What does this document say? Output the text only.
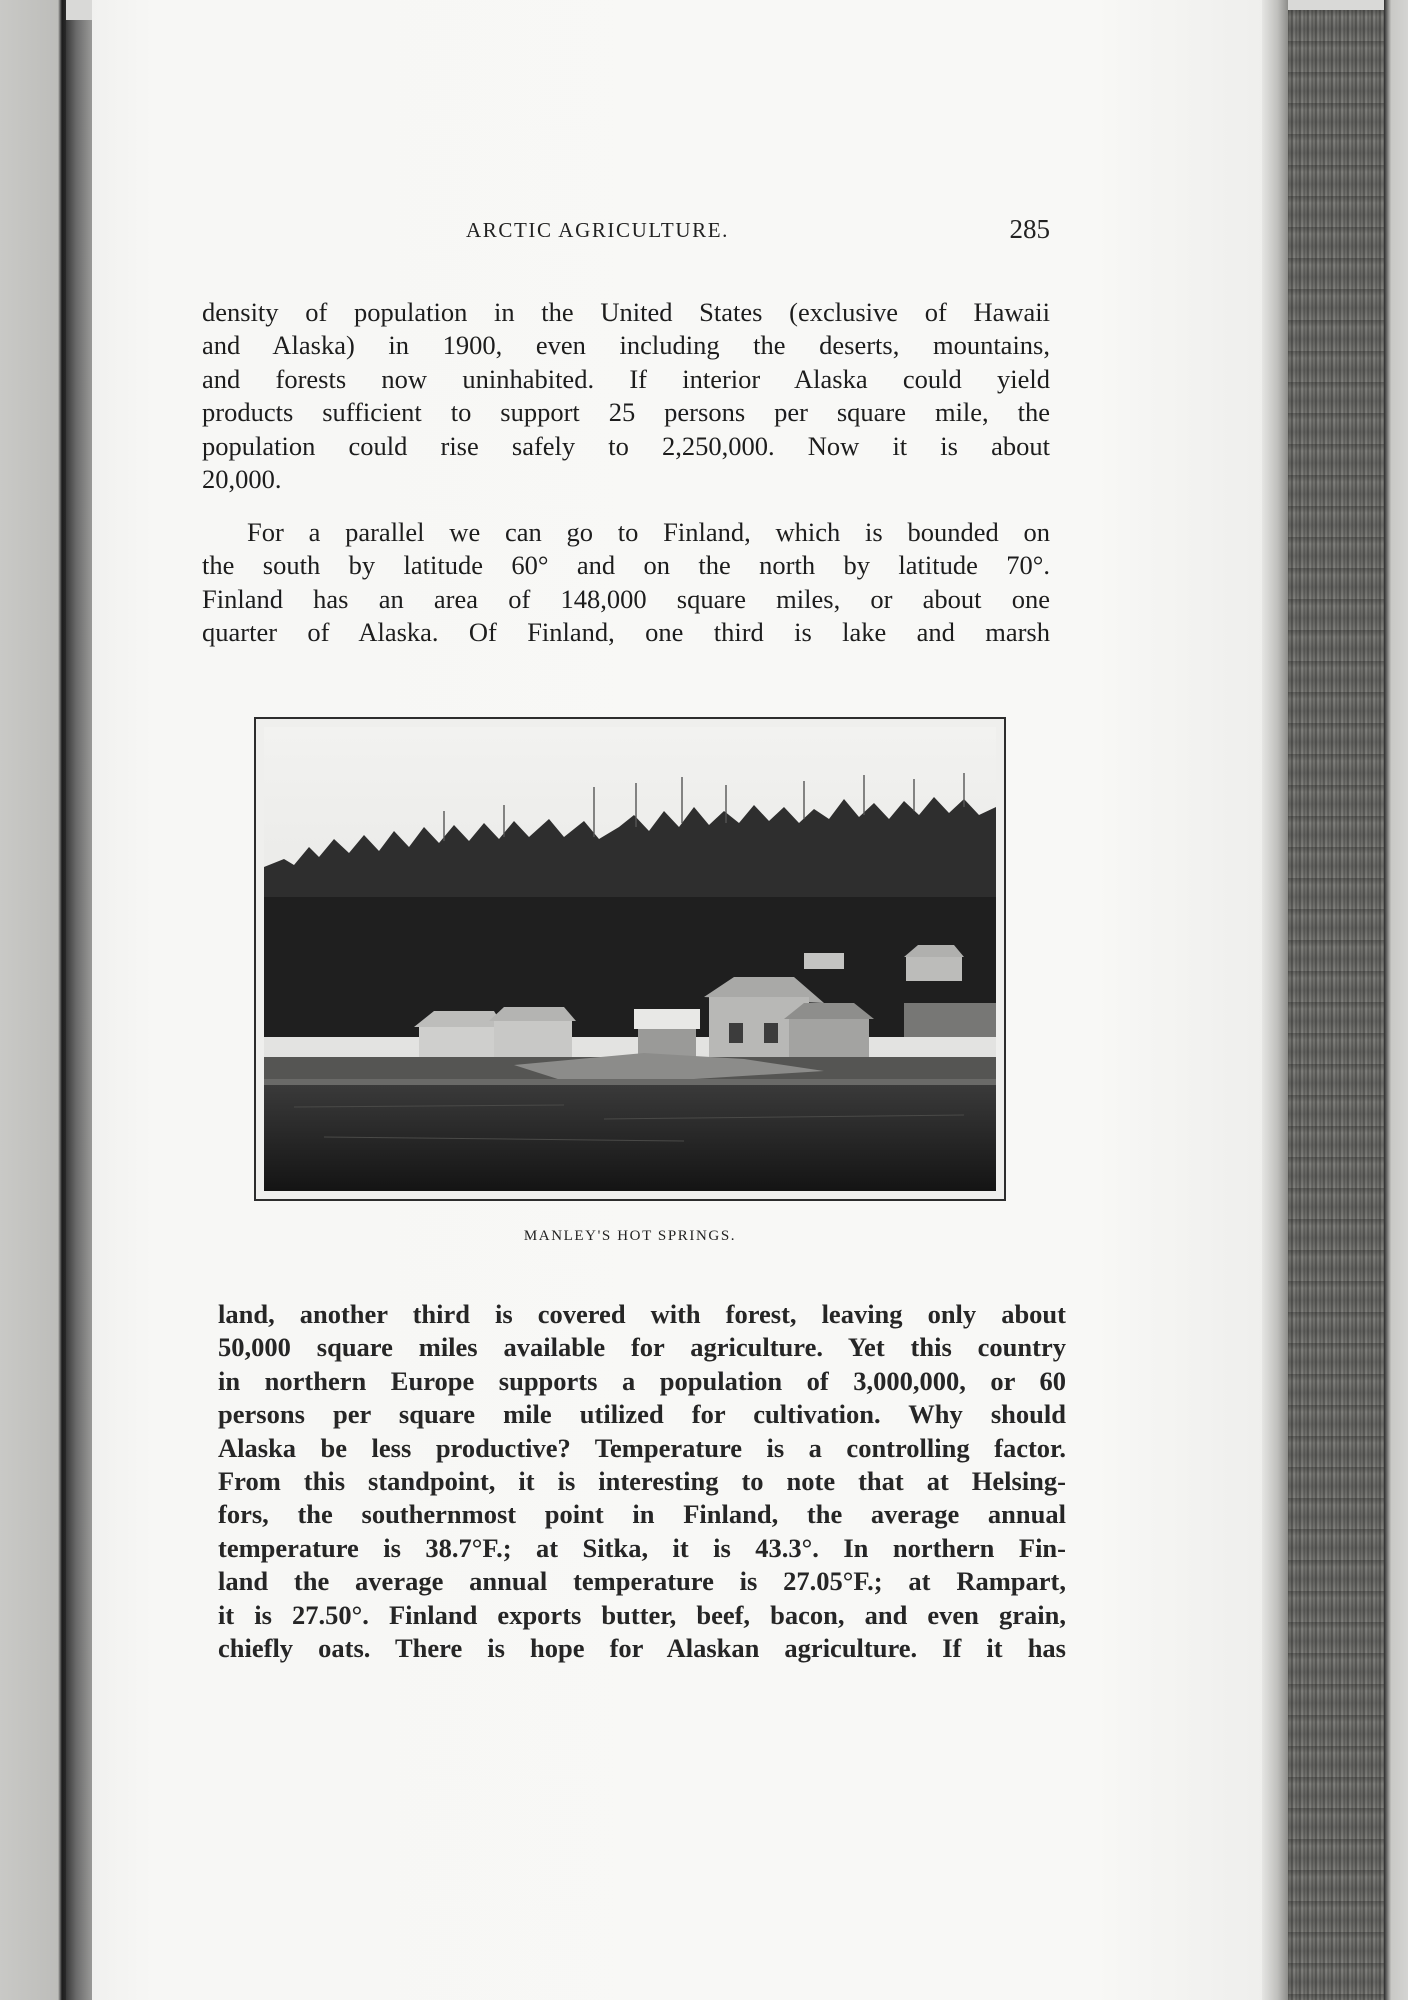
ARCTIC AGRICULTURE.	285

density of population in the United States (exclusive of Hawaii
and Alaska) in 1900, even including the deserts, mountains,
and forests now uninhabited. If interior Alaska could yield
products sufficient to support 25 persons per square mile, the
population could rise safely to 2,250,000. Now it is about
20,000.

For a parallel we can go to Finland, which is bounded on
the south by latitude 60° and on the north by latitude 70°.
Finland has an area of 148,000 square miles, or about one
quarter of Alaska. Of Finland, one third is lake and marsh

MANLEY'S HOT SPRINGS.

land, another third is covered with forest, leaving only about
50,000 square miles available for agriculture. Yet this country
in northern Europe supports a population of 3,000,000, or 60
persons per square mile utilized for cultivation. Why should
Alaska be less productive? Temperature is a controlling factor.
From this standpoint, it is interesting to note that at Helsing-
fors, the southernmost point in Finland, the average annual
temperature is 38.7°F.; at Sitka, it is 43.3°. In northern Fin-
land the average annual temperature is 27.05°F.; at Rampart,
it is 27.50°. Finland exports butter, beef, bacon, and even grain,
chiefly oats. There is hope for Alaskan agriculture. If it has
